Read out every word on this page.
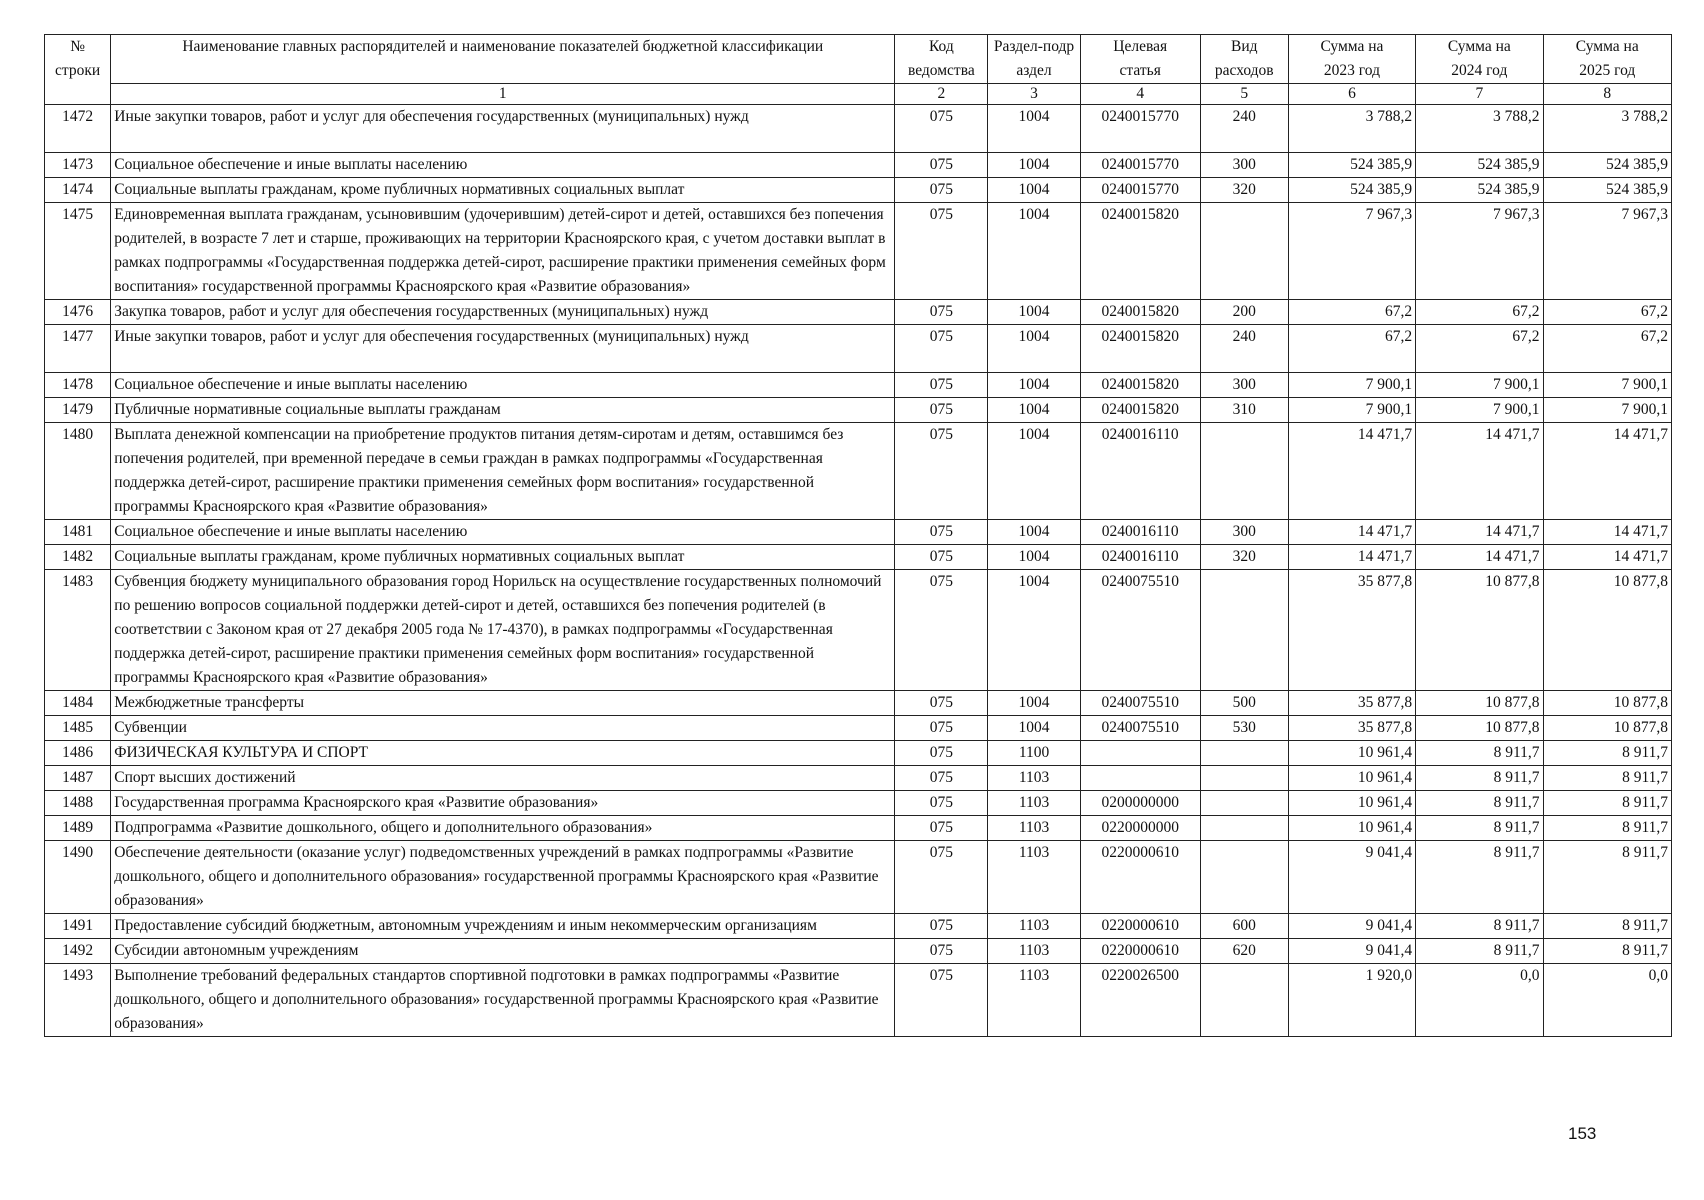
№ строки	Наименование главных распорядителей и наименование показателей бюджетной классификации	Код ведомства	Раздел-подраздел	Целевая статья	Вид расходов	Сумма на 2023 год	Сумма на 2024 год	Сумма на 2025 год
	1	2	3	4	5	6	7	8
1472	Иные закупки товаров, работ и услуг для обеспечения государственных (муниципальных) нужд	075	1004	0240015770	240	3 788,2	3 788,2	3 788,2
1473	Социальное обеспечение и иные выплаты населению	075	1004	0240015770	300	524 385,9	524 385,9	524 385,9
1474	Социальные выплаты гражданам, кроме публичных нормативных социальных выплат	075	1004	0240015770	320	524 385,9	524 385,9	524 385,9
1475	Единовременная выплата гражданам, усыновившим (удочерившим) детей-сирот и детей, оставшихся без попечения родителей, в возрасте 7 лет и старше, проживающих на территории Красноярского края, с учетом доставки выплат в рамках подпрограммы «Государственная поддержка детей-сирот, расширение практики применения семейных форм воспитания» государственной программы Красноярского края «Развитие образования»	075	1004	0240015820		7 967,3	7 967,3	7 967,3
1476	Закупка товаров, работ и услуг для обеспечения государственных (муниципальных) нужд	075	1004	0240015820	200	67,2	67,2	67,2
1477	Иные закупки товаров, работ и услуг для обеспечения государственных (муниципальных) нужд	075	1004	0240015820	240	67,2	67,2	67,2
1478	Социальное обеспечение и иные выплаты населению	075	1004	0240015820	300	7 900,1	7 900,1	7 900,1
1479	Публичные нормативные социальные выплаты гражданам	075	1004	0240015820	310	7 900,1	7 900,1	7 900,1
1480	Выплата денежной компенсации на приобретение продуктов питания детям-сиротам и детям, оставшимся без попечения родителей, при временной передаче в семьи граждан в рамках подпрограммы «Государственная поддержка детей-сирот, расширение практики применения семейных форм воспитания» государственной программы Красноярского края «Развитие образования»	075	1004	0240016110		14 471,7	14 471,7	14 471,7
1481	Социальное обеспечение и иные выплаты населению	075	1004	0240016110	300	14 471,7	14 471,7	14 471,7
1482	Социальные выплаты гражданам, кроме публичных нормативных социальных выплат	075	1004	0240016110	320	14 471,7	14 471,7	14 471,7
1483	Субвенция бюджету муниципального образования город Норильск на осуществление государственных полномочий по решению вопросов социальной поддержки детей-сирот и детей, оставшихся без попечения родителей (в соответствии с Законом края от 27 декабря 2005 года № 17-4370), в рамках подпрограммы «Государственная поддержка детей-сирот, расширение практики применения семейных форм воспитания» государственной программы Красноярского края «Развитие образования»	075	1004	0240075510		35 877,8	10 877,8	10 877,8
1484	Межбюджетные трансферты	075	1004	0240075510	500	35 877,8	10 877,8	10 877,8
1485	Субвенции	075	1004	0240075510	530	35 877,8	10 877,8	10 877,8
1486	ФИЗИЧЕСКАЯ КУЛЬТУРА И СПОРТ	075	1100			10 961,4	8 911,7	8 911,7
1487	Спорт высших достижений	075	1103			10 961,4	8 911,7	8 911,7
1488	Государственная программа Красноярского края «Развитие образования»	075	1103	0200000000		10 961,4	8 911,7	8 911,7
1489	Подпрограмма «Развитие дошкольного, общего и дополнительного образования»	075	1103	0220000000		10 961,4	8 911,7	8 911,7
1490	Обеспечение деятельности (оказание услуг) подведомственных учреждений в рамках подпрограммы «Развитие дошкольного, общего и дополнительного образования» государственной программы Красноярского края «Развитие образования»	075	1103	0220000610		9 041,4	8 911,7	8 911,7
1491	Предоставление субсидий бюджетным, автономным учреждениям и иным некоммерческим организациям	075	1103	0220000610	600	9 041,4	8 911,7	8 911,7
1492	Субсидии автономным учреждениям	075	1103	0220000610	620	9 041,4	8 911,7	8 911,7
1493	Выполнение требований федеральных стандартов спортивной подготовки в рамках подпрограммы «Развитие дошкольного, общего и дополнительного образования» государственной программы Красноярского края «Развитие образования»	075	1103	0220026500		1 920,0	0,0	0,0
153
